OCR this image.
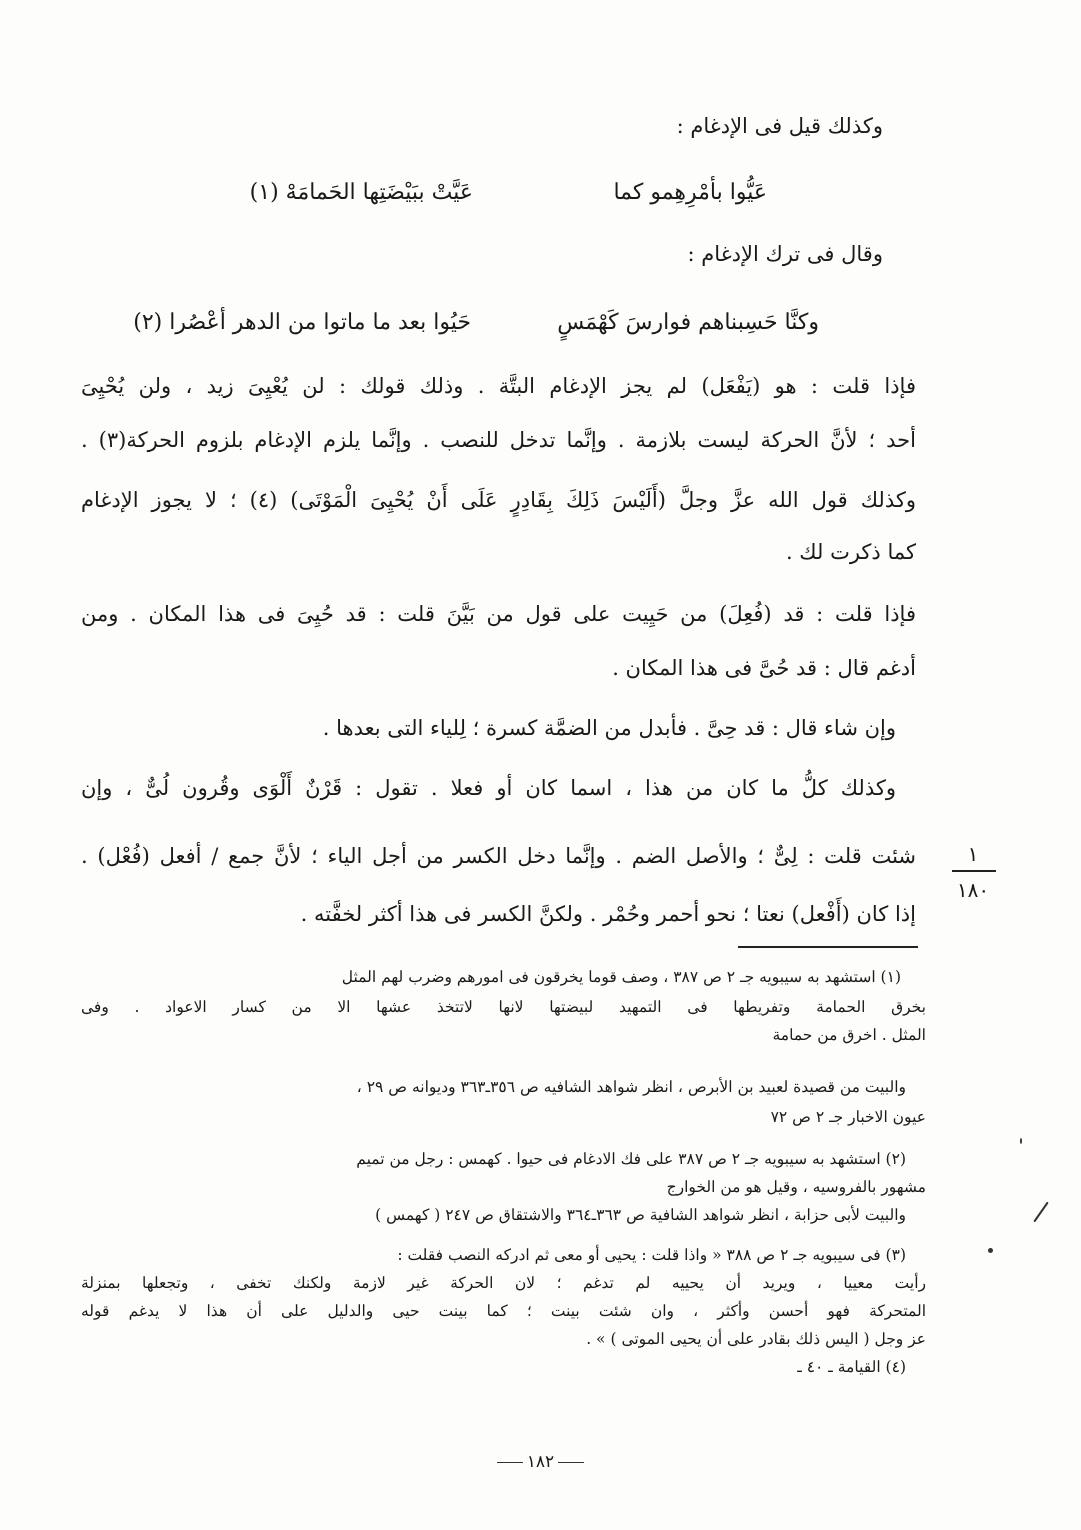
وكذلك قيل فى الإدغام :
عَيُّوا بأمْرِهِمو كما
عَيَّتْ ببَيْضَتِها الحَمامَهْ (١)
وقال فى ترك الإدغام :
وكنَّا حَسِبناهم فوارسَ كَهْمَسٍ
حَيُوا بعد ما ماتوا من الدهر أعْصُرا (٢)
فإذا قلت : هو (يَفْعَل) لم يجز الإدغام البتَّة . وذلك قولك : لن يُعْيِىَ زيد ، ولن يُحْيِىَ
أحد ؛ لأنَّ الحركة ليست بلازمة . وإنَّما تدخل للنصب . وإنَّما يلزم الإدغام بلزوم الحركة(٣) .
وكذلك قول الله عزَّ وجلَّ (أَلَيْسَ ذَلِكَ بِقَادِرٍ عَلَى أَنْ يُحْيِىَ الْمَوْتَى) (٤) ؛ لا يجوز الإدغام
كما ذكرت لك .
فإذا قلت : قد (فُعِلَ) من حَيِيت على قول من بَيَّنَ قلت : قد حُيِىَ فى هذا المكان . ومن
أدغم قال : قد حُىَّ فى هذا المكان .
وإن شاء قال : قد حِىَّ . فأبدل من الضمَّة كسرة ؛ لِلياء التى بعدها .
وكذلك كلُّ ما كان من هذا ، اسما كان أو فعلا . تقول : قَرْنٌ أَلْوَى وقُرون لُىٌّ ، وإن
شئت قلت : لِىٌّ ؛ والأصل الضم . وإنَّما دخل الكسر من أجل الياء ؛ لأنَّ جمع / أفعل (فُعْل) .
إذا كان (أَفْعل) نعتا ؛ نحو أحمر وحُمْر . ولكنَّ الكسر فى هذا أكثر لخفَّته .
١
١٨٠
(١) استشهد به سيبويه جـ ٢ ص ٣٨٧ ، وصف قوما يخرقون فى امورهم وضرب لهم المثل
بخرق الحمامة وتفريطها فى التمهيد لبيضتها لانها لاتتخذ عشها الا من كسار الاعواد . وفى
المثل . اخرق من حمامة
والبيت من قصيدة لعبيد بن الأبرص ، انظر شواهد الشافيه ص ٣٥٦ـ٣٦٣ وديوانه ص ٢٩ ،
عيون الاخبار جـ ٢ ص ٧٢
(٢) استشهد به سيبويه جـ ٢ ص ٣٨٧ على فك الادغام فى حيوا . كهمس : رجل من تميم
مشهور بالفروسيه ، وقيل هو من الخوارج
والبيت لأبى حزابة ، انظر شواهد الشافية ص ٣٦٣ـ٣٦٤ والاشتقاق ص ٢٤٧ ( كهمس )
(٣) فى سيبويه جـ ٢ ص ٣٨٨ « واذا قلت : يحيى أو معى ثم ادركه النصب فقلت :
رأيت معييا ، ويريد أن يحييه لم تدغم ؛ لان الحركة غير لازمة ولكنك تخفى ، وتجعلها بمنزلة
المتحركة فهو أحسن وأكثر ، وان شئت بينت ؛ كما بينت حيى والدليل على أن هذا لا يدغم قوله
عز وجل ( اليس ذلك بقادر على أن يحيى الموتى ) » .
(٤) القيامة ـ ٤٠ ـ
١٨٢
